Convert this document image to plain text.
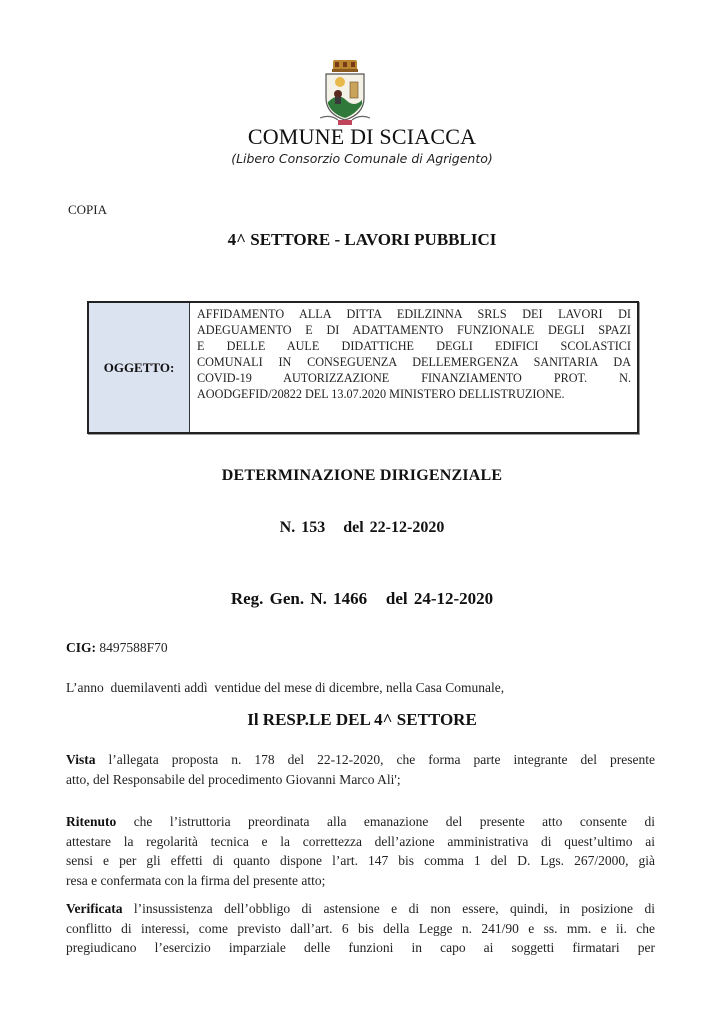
COMUNE DI SCIACCA
(Libero Consorzio Comunale di Agrigento)
COPIA
4^ SETTORE - LAVORI PUBBLICI
OGGETTO:
AFFIDAMENTO ALLA DITTA EDILZINNA SRLS DEI LAVORI DI
ADEGUAMENTO E DI ADATTAMENTO FUNZIONALE DEGLI SPAZI
E DELLE AULE DIDATTICHE DEGLI EDIFICI SCOLASTICI
COMUNALI IN CONSEGUENZA DELLEMERGENZA SANITARIA DA
COVID-19 AUTORIZZAZIONE FINANZIAMENTO PROT. N.
AOODGEFID/20822 DEL 13.07.2020 MINISTERO DELLISTRUZIONE.
DETERMINAZIONE DIRIGENZIALE
N. 153   del 22-12-2020
Reg. Gen. N. 1466   del 24-12-2020
CIG: 8497588F70
L’anno  duemilaventi addì  ventidue del mese di dicembre, nella Casa Comunale,
Il RESP.LE DEL 4^ SETTORE
Vista l’allegata proposta n. 178 del 22-12-2020, che forma parte integrante del presente
atto, del Responsabile del procedimento Giovanni Marco Ali';
Ritenuto che l’istruttoria preordinata alla emanazione del presente atto consente di
attestare la regolarità tecnica e la correttezza dell’azione amministrativa di quest’ultimo ai
sensi e per gli effetti di quanto dispone l’art. 147 bis comma 1 del D. Lgs. 267/2000, già
resa e confermata con la firma del presente atto;
Verificata l’insussistenza dell’obbligo di astensione e di non essere, quindi, in posizione di
conflitto di interessi, come previsto dall’art. 6 bis della Legge n. 241/90 e ss. mm. e ii. che
pregiudicano l’esercizio imparziale delle funzioni in capo ai soggetti firmatari per
